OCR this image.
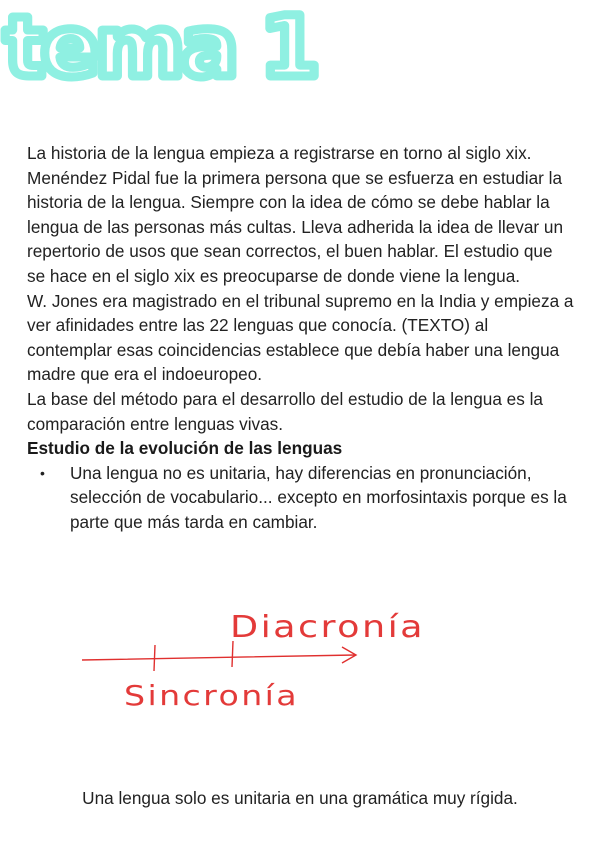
tema 1

La historia de la lengua empieza a registrarse en torno al siglo xix. Menéndez Pidal fue la primera persona que se esfuerza en estudiar la historia de la lengua. Siempre con la idea de cómo se debe hablar la lengua de las personas más cultas. Lleva adherida la idea de llevar un repertorio de usos que sean correctos, el buen hablar. El estudio que se hace en el siglo xix es preocuparse de donde viene la lengua.

W. Jones era magistrado en el tribunal supremo en la India y empieza a ver afinidades entre las 22 lenguas que conocía. (TEXTO) al contemplar esas coincidencias establece que debía haber una lengua madre que era el indoeuropeo.

La base del método para el desarrollo del estudio de la lengua es la comparación entre lenguas vivas.

Estudio de la evolución de las lenguas

• Una lengua no es unitaria, hay diferencias en pronunciación, selección de vocabulario... excepto en morfosintaxis porque es la parte que más tarda en cambiar.
Diacronía
Sincronía
Una lengua solo es unitaria en una gramática muy rígida.
